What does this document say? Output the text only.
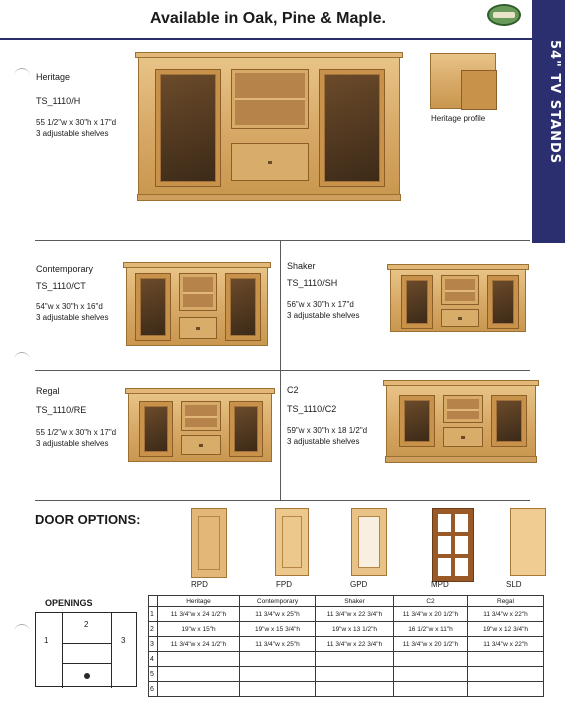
Available in Oak, Pine & Maple.
54" TV STANDS
Heritage
TS_1110/H
55 1/2"w x 30"h x 17"d
3 adjustable shelves
Heritage profile
Contemporary
TS_1110/CT
54"w x 30"h x 16"d
3 adjustable shelves
Shaker
TS_1110/SH
56"w x 30"h x 17"d
3 adjustable shelves
Regal
TS_1110/RE
55 1/2"w x 30"h x 17"d
3 adjustable shelves
C2
TS_1110/C2
59"w x 30"h x 18 1/2"d
3 adjustable shelves
DOOR OPTIONS:
RPD	FPD	GPD	MPD	SLD
OPENINGS
1
2
3
	Heritage	Contemporary	Shaker	C2	Regal
1	11 3/4"w x 24 1/2"h	11 3/4"w x 25"h	11 3/4"w x 22 3/4"h	11 3/4"w x 20 1/2"h	11 3/4"w x 22"h
2	19"w x 15"h	19"w x 15 3/4"h	19"w x 13 1/2"h	16 1/2"w x 11"h	19"w x 12 3/4"h
3	11 3/4"w x 24 1/2"h	11 3/4"w x 25"h	11 3/4"w x 22 3/4"h	11 3/4"w x 20 1/2"h	11 3/4"w x 22"h
4					
5					
6					
